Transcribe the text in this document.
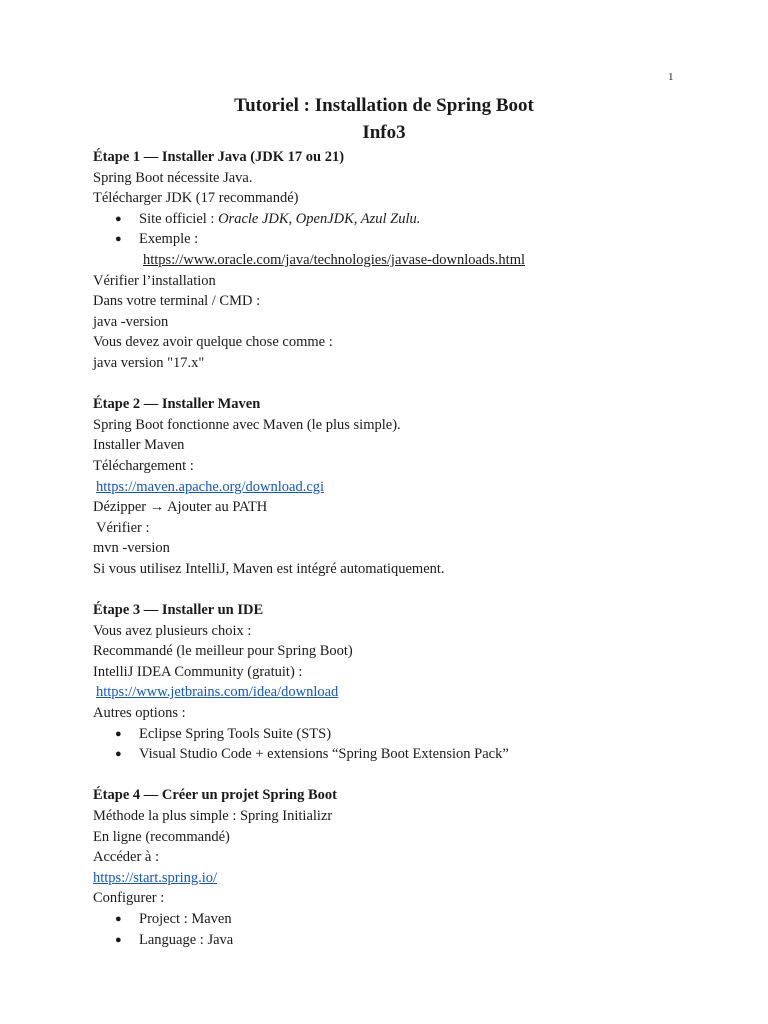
1
Tutoriel : Installation de Spring Boot
Info3

Étape 1 — Installer Java (JDK 17 ou 21)

Spring Boot nécessite Java.

Télécharger JDK (17 recommandé)

● Site officiel : Oracle JDK, OpenJDK, Azul Zulu.
● Exemple :

https://www.oracle.com/java/technologies/javase-downloads.html

Vérifier l’installation

Dans votre terminal / CMD :

java -version

Vous devez avoir quelque chose comme :

java version "17.x"

Étape 2 — Installer Maven

Spring Boot fonctionne avec Maven (le plus simple).

Installer Maven

Téléchargement :

https://maven.apache.org/download.cgi

Dézipper → Ajouter au PATH

Vérifier :

mvn -version

Si vous utilisez IntelliJ, Maven est intégré automatiquement.

Étape 3 — Installer un IDE

Vous avez plusieurs choix :

Recommandé (le meilleur pour Spring Boot)

IntelliJ IDEA Community (gratuit) :

https://www.jetbrains.com/idea/download

Autres options :

● Eclipse Spring Tools Suite (STS)
● Visual Studio Code + extensions “Spring Boot Extension Pack”

Étape 4 — Créer un projet Spring Boot

Méthode la plus simple : Spring Initializr

En ligne (recommandé)

Accéder à :

https://start.spring.io/

Configurer :

● Project : Maven
● Language : Java
